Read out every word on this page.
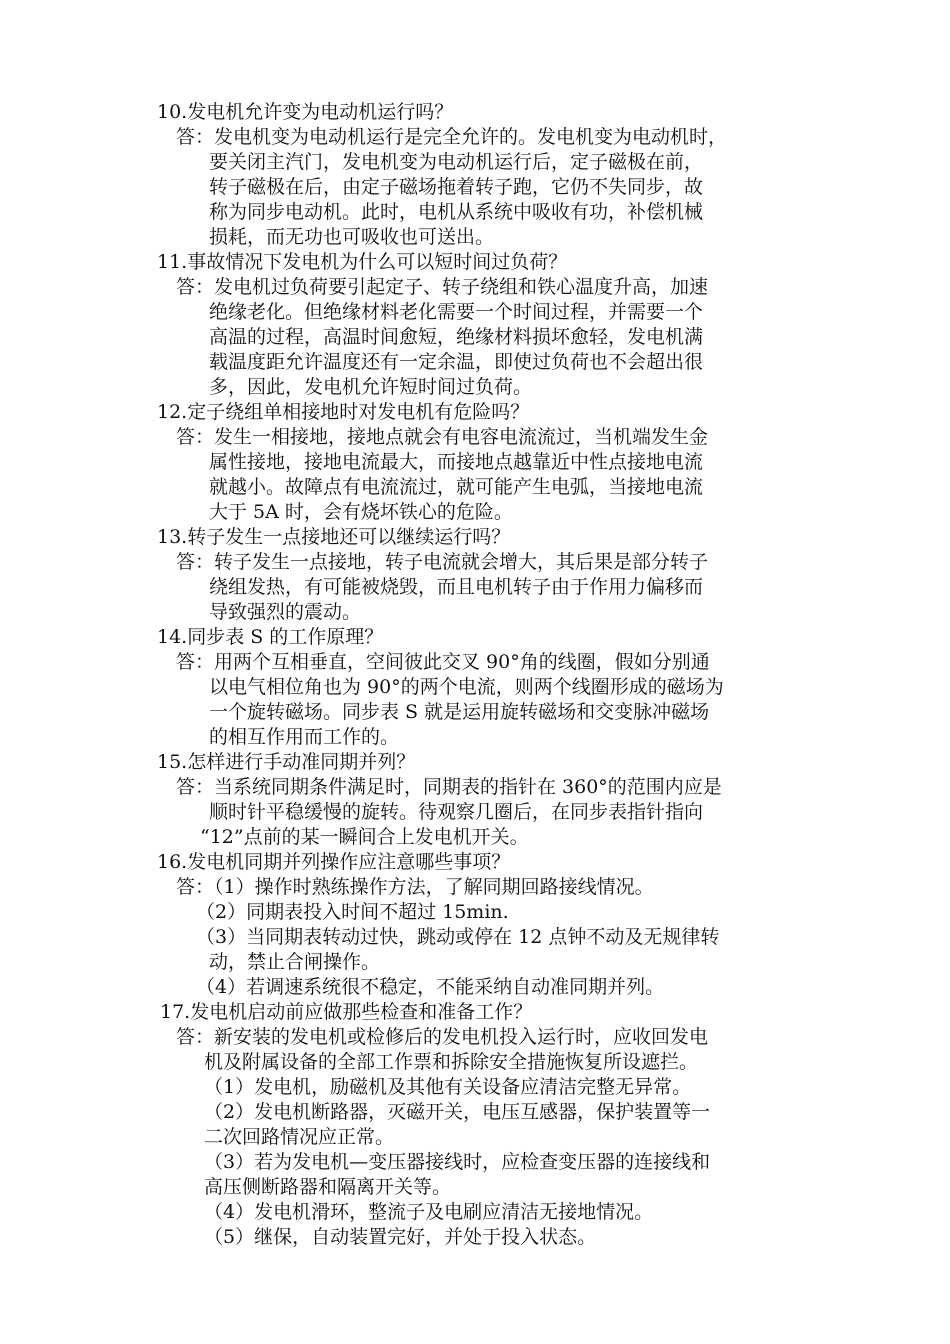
10.发电机允许变为电动机运行吗？
答：发电机变为电动机运行是完全允许的。发电机变为电动机时，
要关闭主汽门，发电机变为电动机运行后，定子磁极在前，
转子磁极在后，由定子磁场拖着转子跑，它仍不失同步，故
称为同步电动机。此时，电机从系统中吸收有功，补偿机械
损耗，而无功也可吸收也可送出。
11.事故情况下发电机为什么可以短时间过负荷？
答：发电机过负荷要引起定子、转子绕组和铁心温度升高，加速
绝缘老化。但绝缘材料老化需要一个时间过程，并需要一个
高温的过程，高温时间愈短，绝缘材料损坏愈轻，发电机满
载温度距允许温度还有一定余温，即使过负荷也不会超出很
多，因此，发电机允许短时间过负荷。
12.定子绕组单相接地时对发电机有危险吗？
答：发生一相接地，接地点就会有电容电流流过，当机端发生金
属性接地，接地电流最大，而接地点越靠近中性点接地电流
就越小。故障点有电流流过，就可能产生电弧，当接地电流
大于 5A 时，会有烧坏铁心的危险。
13.转子发生一点接地还可以继续运行吗？
答：转子发生一点接地，转子电流就会增大，其后果是部分转子
绕组发热，有可能被烧毁，而且电机转子由于作用力偏移而
导致强烈的震动。
14.同步表 S 的工作原理？
答：用两个互相垂直，空间彼此交叉 90°角的线圈，假如分别通
以电气相位角也为 90°的两个电流，则两个线圈形成的磁场为
一个旋转磁场。同步表 S 就是运用旋转磁场和交变脉冲磁场
的相互作用而工作的。
15.怎样进行手动准同期并列？
答：当系统同期条件满足时，同期表的指针在 360°的范围内应是
顺时针平稳缓慢的旋转。待观察几圈后，在同步表指针指向
“12”点前的某一瞬间合上发电机开关。
16.发电机同期并列操作应注意哪些事项？
答：（1）操作时熟练操作方法，了解同期回路接线情况。
（2）同期表投入时间不超过 15min.
（3）当同期表转动过快，跳动或停在 12 点钟不动及无规律转
动，禁止合闸操作。
（4）若调速系统很不稳定，不能采纳自动准同期并列。
17.发电机启动前应做那些检查和准备工作？
答：新安装的发电机或检修后的发电机投入运行时，应收回发电
机及附属设备的全部工作票和拆除安全措施恢复所设遮拦。
（1）发电机，励磁机及其他有关设备应清洁完整无异常。
（2）发电机断路器，灭磁开关，电压互感器，保护装置等一
二次回路情况应正常。
（3）若为发电机—变压器接线时，应检查变压器的连接线和
高压侧断路器和隔离开关等。
（4）发电机滑环，整流子及电刷应清洁无接地情况。
（5）继保，自动装置完好，并处于投入状态。
